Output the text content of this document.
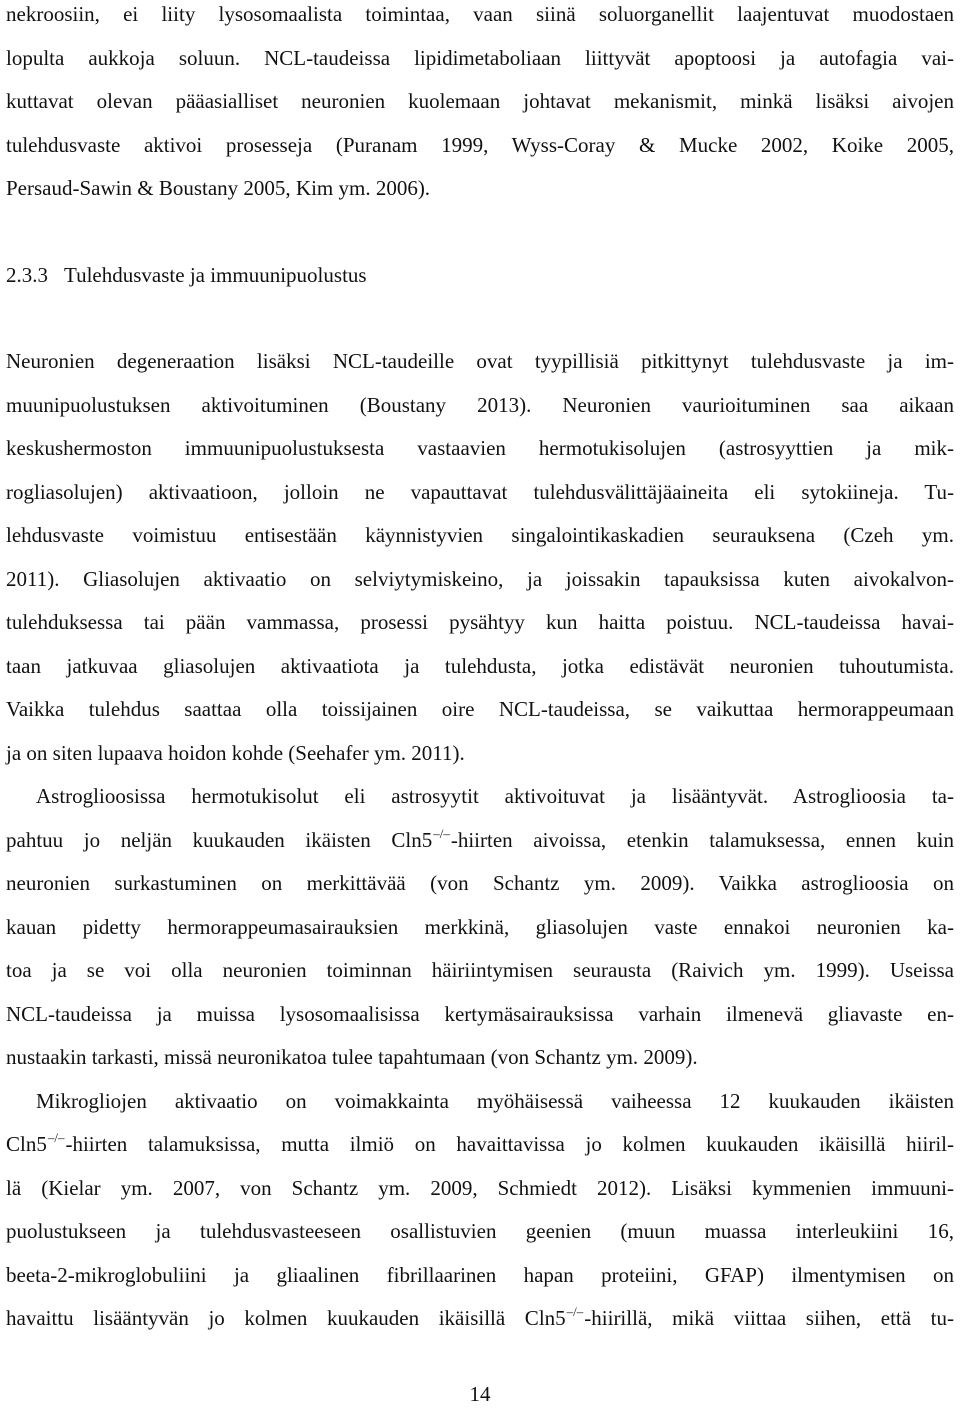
nekroosiin, ei liity lysosomaalista toimintaa, vaan siinä soluorganellit laajentuvat muodostaen
lopulta aukkoja soluun. NCL-taudeissa lipidimetaboliaan liittyvät apoptoosi ja autofagia vai-
kuttavat olevan pääasialliset neuronien kuolemaan johtavat mekanismit, minkä lisäksi aivojen
tulehdusvaste aktivoi prosesseja (Puranam 1999, Wyss-Coray & Mucke 2002, Koike 2005,
Persaud-Sawin & Boustany 2005, Kim ym. 2006).
2.3.3 Tulehdusvaste ja immuunipuolustus
Neuronien degeneraation lisäksi NCL-taudeille ovat tyypillisiä pitkittynyt tulehdusvaste ja im-
muunipuolustuksen aktivoituminen (Boustany 2013). Neuronien vaurioituminen saa aikaan
keskushermoston immuunipuolustuksesta vastaavien hermotukisolujen (astrosyyttien ja mik-
rogliasolujen) aktivaatioon, jolloin ne vapauttavat tulehdusvälittäjäaineita eli sytokiineja. Tu-
lehdusvaste voimistuu entisestään käynnistyvien singalointikaskadien seurauksena (Czeh ym.
2011). Gliasolujen aktivaatio on selviytymiskeino, ja joissakin tapauksissa kuten aivokalvon-
tulehduksessa tai pään vammassa, prosessi pysähtyy kun haitta poistuu. NCL-taudeissa havai-
taan jatkuvaa gliasolujen aktivaatiota ja tulehdusta, jotka edistävät neuronien tuhoutumista.
Vaikka tulehdus saattaa olla toissijainen oire NCL-taudeissa, se vaikuttaa hermorappeumaan
ja on siten lupaava hoidon kohde (Seehafer ym. 2011).
Astroglioosissa hermotukisolut eli astrosyytit aktivoituvat ja lisääntyvät. Astroglioosia ta-
pahtuu jo neljän kuukauden ikäisten Cln5–/–-hiirten aivoissa, etenkin talamuksessa, ennen kuin
neuronien surkastuminen on merkittävää (von Schantz ym. 2009). Vaikka astroglioosia on
kauan pidetty hermorappeumasairauksien merkkinä, gliasolujen vaste ennakoi neuronien ka-
toa ja se voi olla neuronien toiminnan häiriintymisen seurausta (Raivich ym. 1999). Useissa
NCL-taudeissa ja muissa lysosomaalisissa kertymäsairauksissa varhain ilmenevä gliavaste en-
nustaakin tarkasti, missä neuronikatoa tulee tapahtumaan (von Schantz ym. 2009).
Mikrogliojen aktivaatio on voimakkainta myöhäisessä vaiheessa 12 kuukauden ikäisten
Cln5–/–-hiirten talamuksissa, mutta ilmiö on havaittavissa jo kolmen kuukauden ikäisillä hiiril-
lä (Kielar ym. 2007, von Schantz ym. 2009, Schmiedt 2012). Lisäksi kymmenien immuuni-
puolustukseen ja tulehdusvasteeseen osallistuvien geenien (muun muassa interleukiini 16,
beeta-2-mikroglobuliini ja gliaalinen fibrillaarinen hapan proteiini, GFAP) ilmentymisen on
havaittu lisääntyvän jo kolmen kuukauden ikäisillä Cln5–/–-hiirillä, mikä viittaa siihen, että tu-
14
